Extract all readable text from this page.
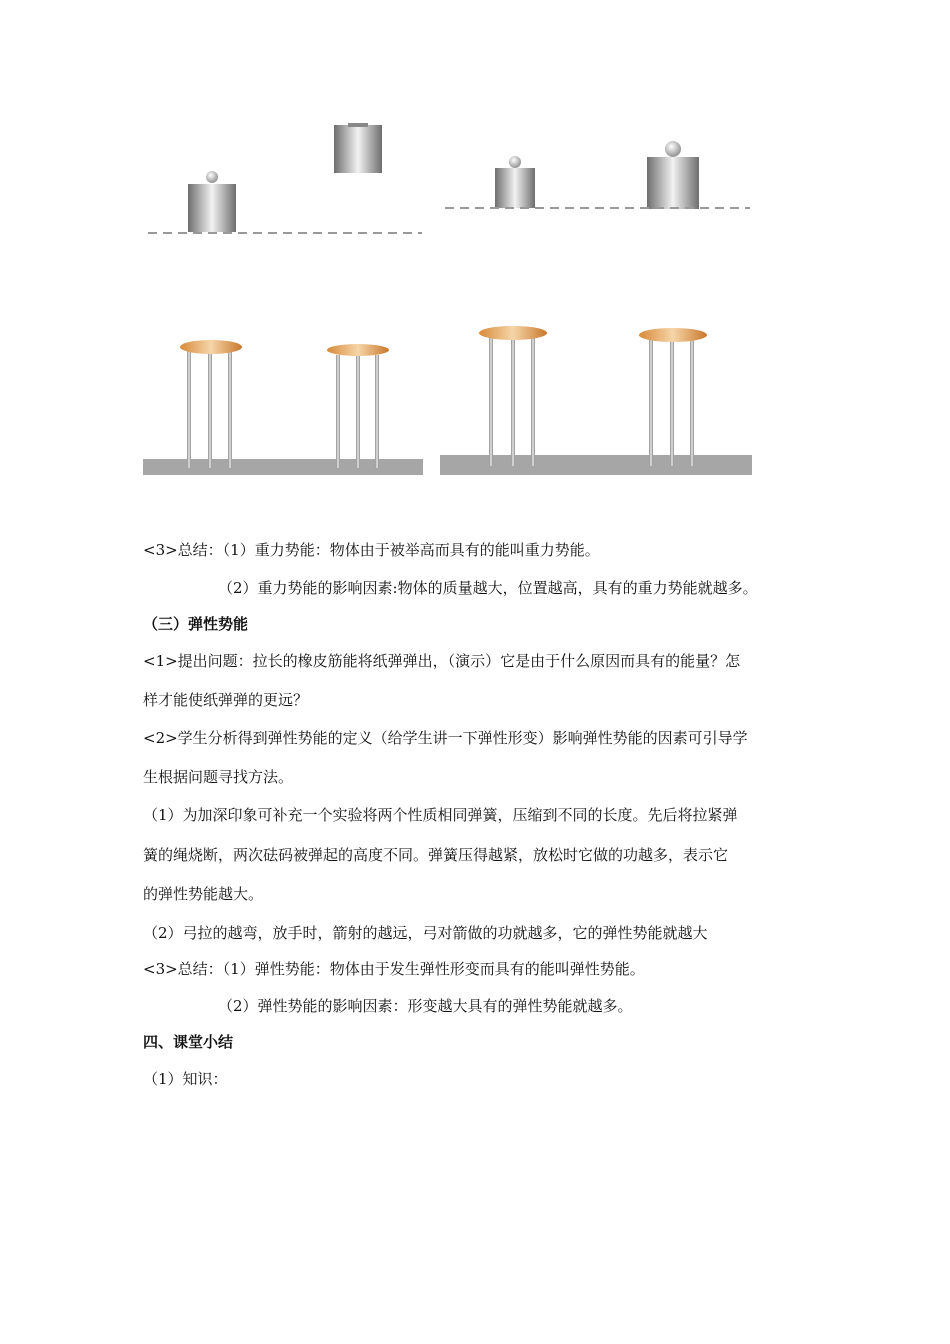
<3>总结：（1）重力势能：物体由于被举高而具有的能叫重力势能。
（2）重力势能的影响因素:物体的质量越大，位置越高，具有的重力势能就越多。
（三）弹性势能
<1>提出问题：拉长的橡皮筋能将纸弹弹出，（演示）它是由于什么原因而具有的能量？怎
样才能使纸弹弹的更远？
<2>学生分析得到弹性势能的定义（给学生讲一下弹性形变）影响弹性势能的因素可引导学
生根据问题寻找方法。
（1）为加深印象可补充一个实验将两个性质相同弹簧，压缩到不同的长度。先后将拉紧弹
簧的绳烧断，两次砝码被弹起的高度不同。弹簧压得越紧，放松时它做的功越多，表示它
的弹性势能越大。
（2）弓拉的越弯，放手时，箭射的越远，弓对箭做的功就越多，它的弹性势能就越大
<3>总结：（1）弹性势能：物体由于发生弹性形变而具有的能叫弹性势能。
（2）弹性势能的影响因素：形变越大具有的弹性势能就越多。
四、课堂小结
（1）知识：
